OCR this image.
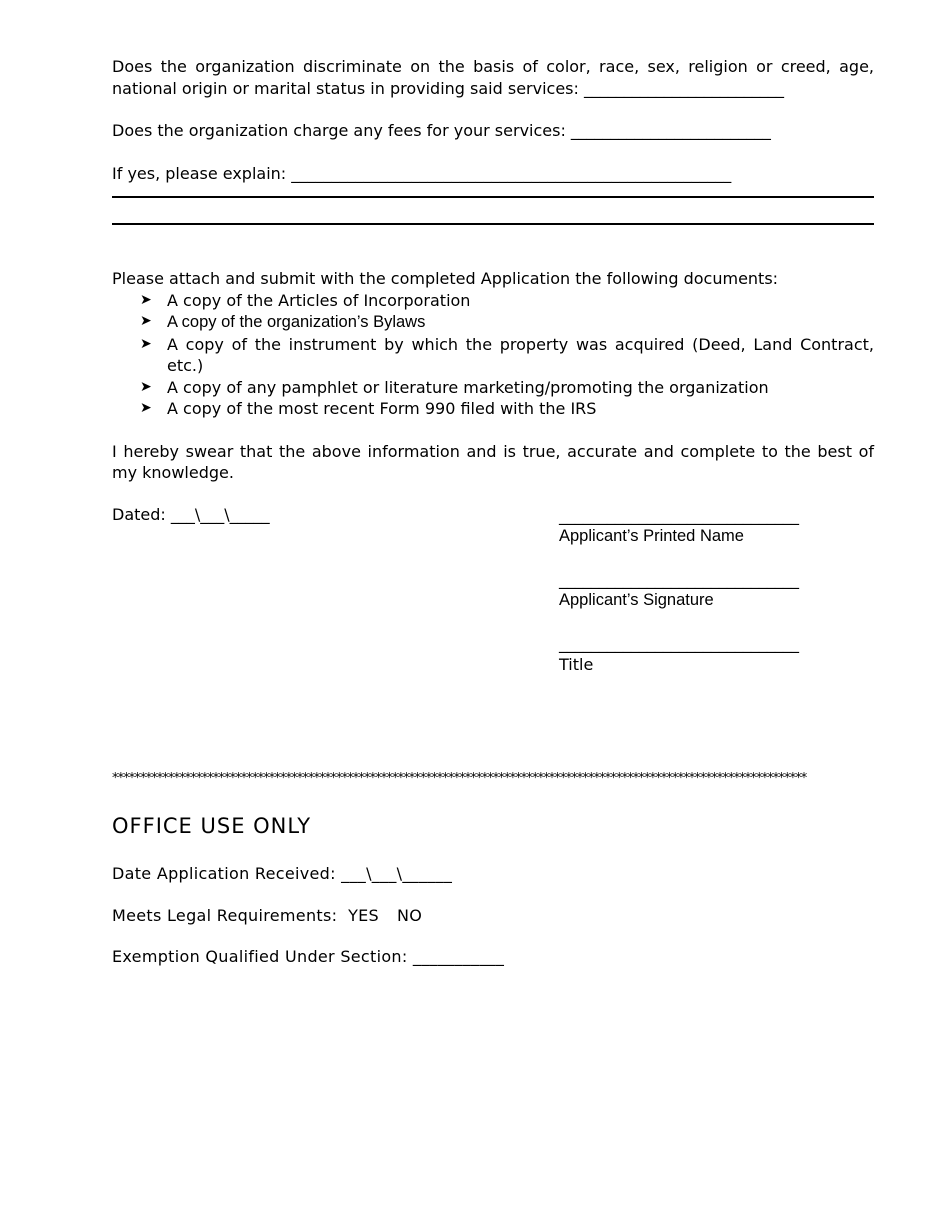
Does the organization discriminate on the basis of color, race, sex, religion or creed, age, national origin or marital status in providing said services: _________________________

Does the organization charge any fees for your services: _________________________

If yes, please explain: _______________________________________________________

Please attach and submit with the completed Application the following documents:

➤ A copy of the Articles of Incorporation
➤ A copy of the organization’s Bylaws
➤ A copy of the instrument by which the property was acquired (Deed, Land Contract, etc.)
➤ A copy of any pamphlet or literature marketing/promoting the organization
➤ A copy of the most recent Form 990 filed with the IRS

I hereby swear that the above information and is true, accurate and complete to the best of my knowledge.

Dated: ___\___\_____	______________________________
Applicant’s Printed Name
______________________________
Applicant’s Signature
______________________________
Title
****************************************************************************************************************************
OFFICE USE ONLY

Date Application Received: ___\___\______

Meets Legal Requirements: YES NO

Exemption Qualified Under Section: ___________
